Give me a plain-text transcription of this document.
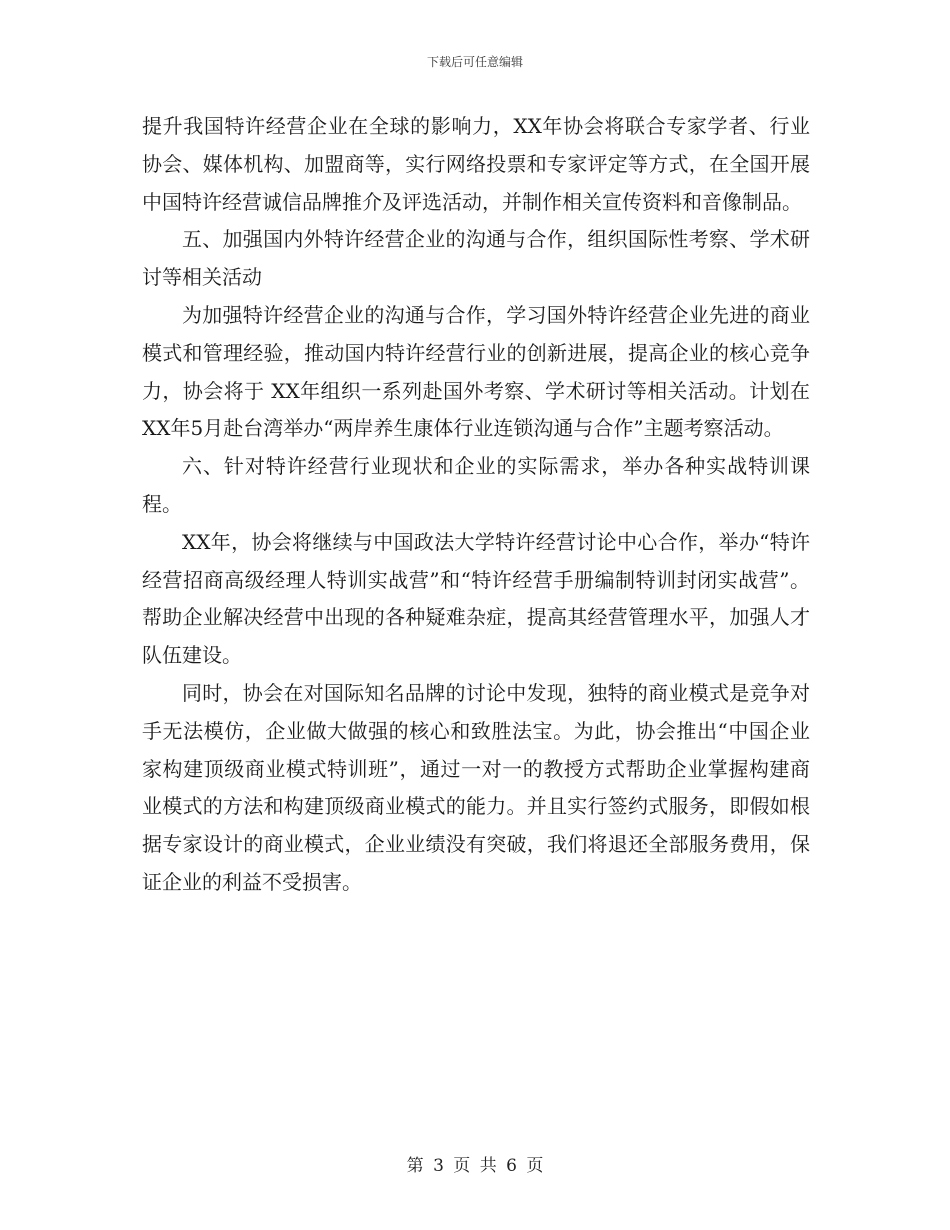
下载后可任意编辑

提升我国特许经营企业在全球的影响力，XX年协会将联合专家学者、行业协会、媒体机构、加盟商等，实行网络投票和专家评定等方式，在全国开展中国特许经营诚信品牌推介及评选活动，并制作相关宣传资料和音像制品。

五、加强国内外特许经营企业的沟通与合作，组织国际性考察、学术研讨等相关活动

为加强特许经营企业的沟通与合作，学习国外特许经营企业先进的商业模式和管理经验，推动国内特许经营行业的创新进展，提高企业的核心竞争力，协会将于 XX年组织一系列赴国外考察、学术研讨等相关活动。计划在XX年5月赴台湾举办“两岸养生康体行业连锁沟通与合作”主题考察活动。

六、针对特许经营行业现状和企业的实际需求，举办各种实战特训课程。

XX年，协会将继续与中国政法大学特许经营讨论中心合作，举办“特许经营招商高级经理人特训实战营”和“特许经营手册编制特训封闭实战营”。帮助企业解决经营中出现的各种疑难杂症，提高其经营管理水平，加强人才队伍建设。

同时，协会在对国际知名品牌的讨论中发现，独特的商业模式是竞争对手无法模仿，企业做大做强的核心和致胜法宝。为此，协会推出“中国企业家构建顶级商业模式特训班”，通过一对一的教授方式帮助企业掌握构建商业模式的方法和构建顶级商业模式的能力。并且实行签约式服务，即假如根据专家设计的商业模式，企业业绩没有突破，我们将退还全部服务费用，保证企业的利益不受损害。

第 3 页 共 6 页
